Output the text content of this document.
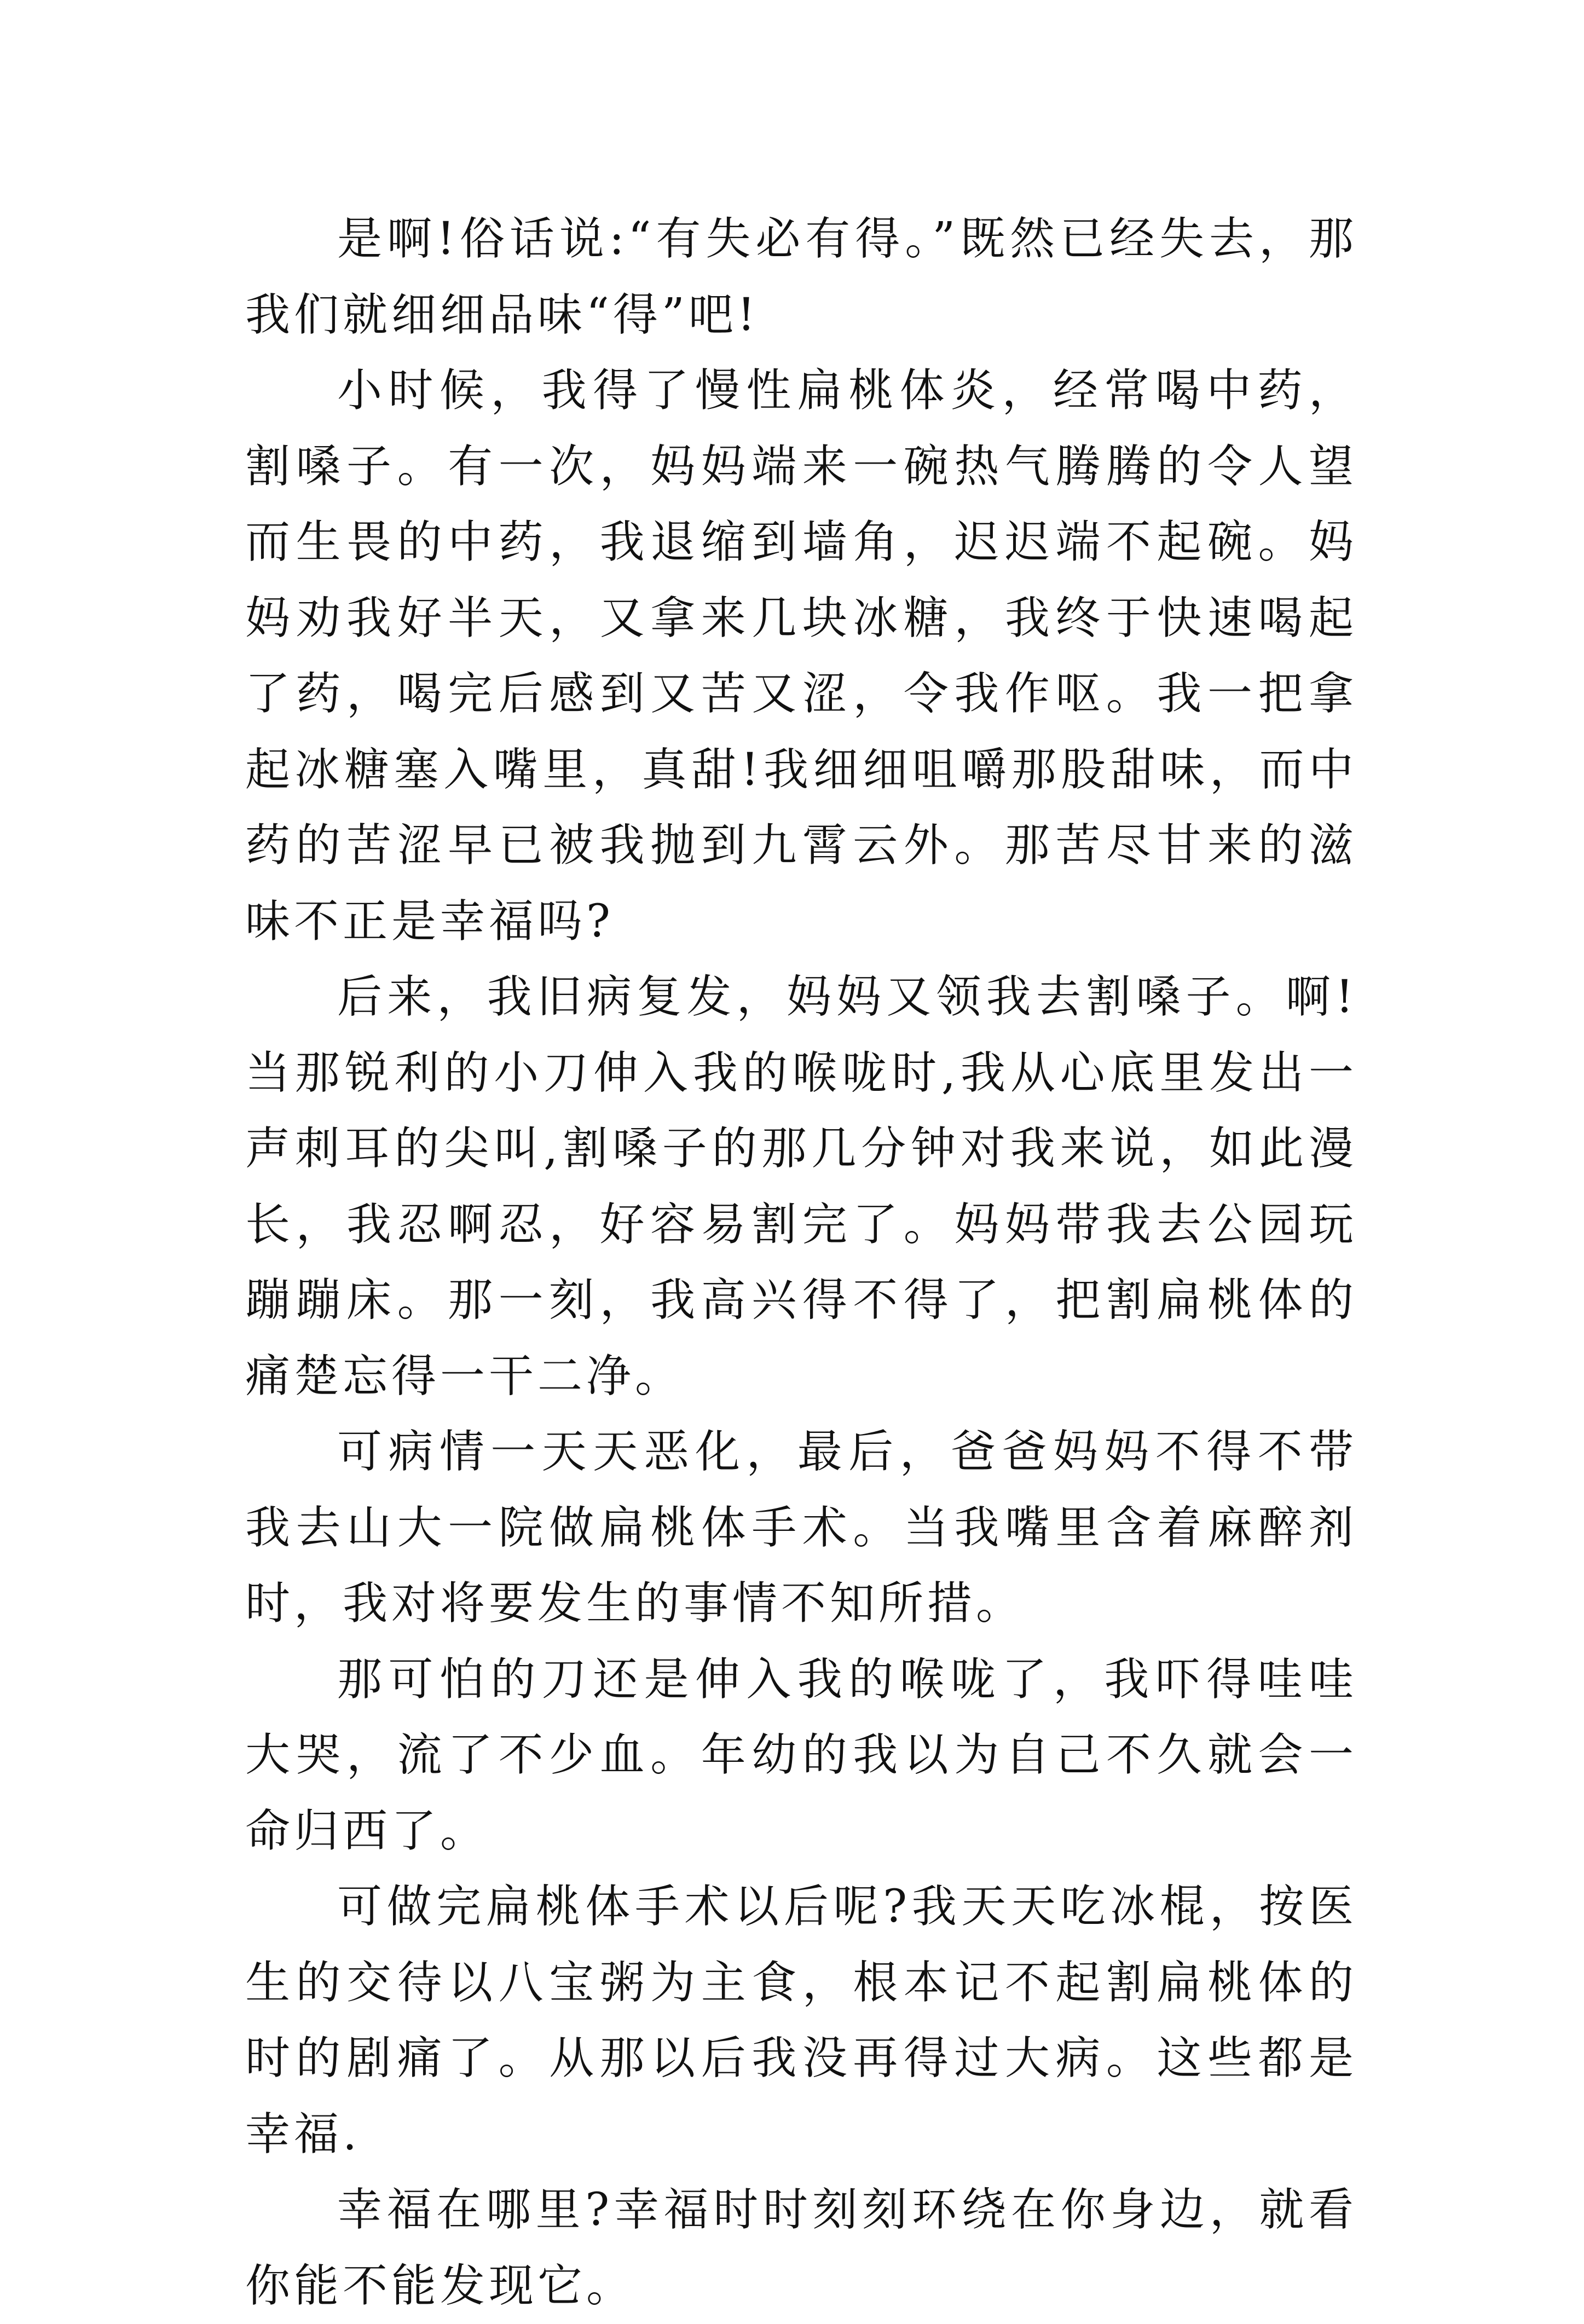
是啊!俗话说:“有失必有得。”既然已经失去，那我们就细细品味“得”吧!

小时候，我得了慢性扁桃体炎，经常喝中药，割嗓子。有一次，妈妈端来一碗热气腾腾的令人望而生畏的中药，我退缩到墙角，迟迟端不起碗。妈妈劝我好半天，又拿来几块冰糖，我终于快速喝起了药，喝完后感到又苦又涩，令我作呕。我一把拿起冰糖塞入嘴里，真甜!我细细咀嚼那股甜味，而中药的苦涩早已被我抛到九霄云外。那苦尽甘来的滋味不正是幸福吗?

后来，我旧病复发，妈妈又领我去割嗓子。啊!当那锐利的小刀伸入我的喉咙时,我从心底里发出一声刺耳的尖叫,割嗓子的那几分钟对我来说，如此漫长，我忍啊忍，好容易割完了。妈妈带我去公园玩蹦蹦床。那一刻，我高兴得不得了，把割扁桃体的痛楚忘得一干二净。

可病情一天天恶化，最后，爸爸妈妈不得不带我去山大一院做扁桃体手术。当我嘴里含着麻醉剂时，我对将要发生的事情不知所措。

那可怕的刀还是伸入我的喉咙了，我吓得哇哇大哭，流了不少血。年幼的我以为自己不久就会一命归西了。

可做完扁桃体手术以后呢?我天天吃冰棍，按医生的交待以八宝粥为主食，根本记不起割扁桃体的时的剧痛了。从那以后我没再得过大病。这些都是幸福.

幸福在哪里?幸福时时刻刻环绕在你身边，就看你能不能发现它。
